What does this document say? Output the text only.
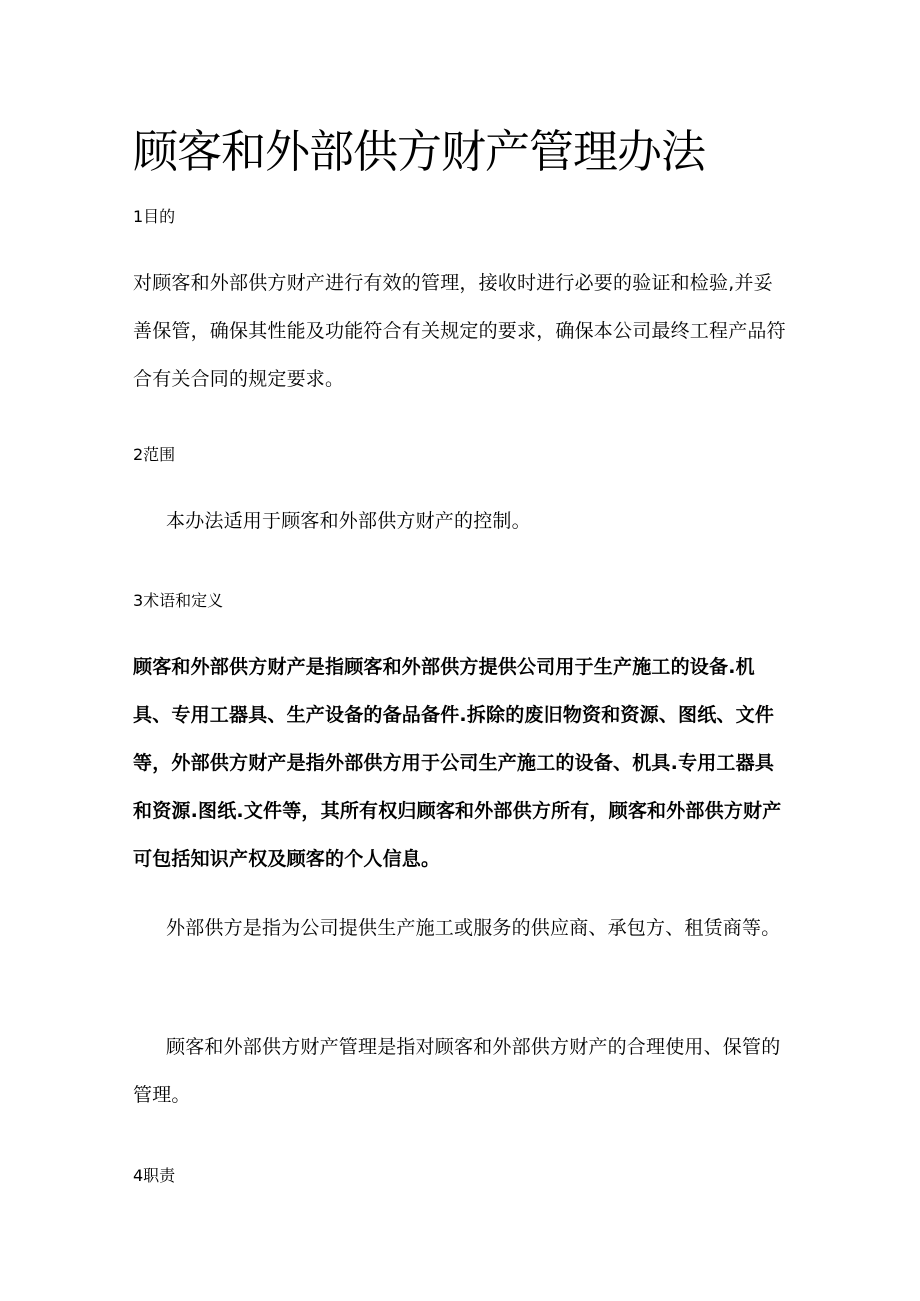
顾客和外部供方财产管理办法

1目的

对顾客和外部供方财产进行有效的管理，接收时进行必要的验证和检验,并妥善保管，确保其性能及功能符合有关规定的要求，确保本公司最终工程产品符合有关合同的规定要求。

2范围

本办法适用于顾客和外部供方财产的控制。

3术语和定义

顾客和外部供方财产是指顾客和外部供方提供公司用于生产施工的设备.机具、专用工器具、生产设备的备品备件.拆除的废旧物资和资源、图纸、文件等，外部供方财产是指外部供方用于公司生产施工的设备、机具.专用工器具和资源.图纸.文件等，其所有权归顾客和外部供方所有，顾客和外部供方财产可包括知识产权及顾客的个人信息。

外部供方是指为公司提供生产施工或服务的供应商、承包方、租赁商等。

顾客和外部供方财产管理是指对顾客和外部供方财产的合理使用、保管的管理。

4职责
